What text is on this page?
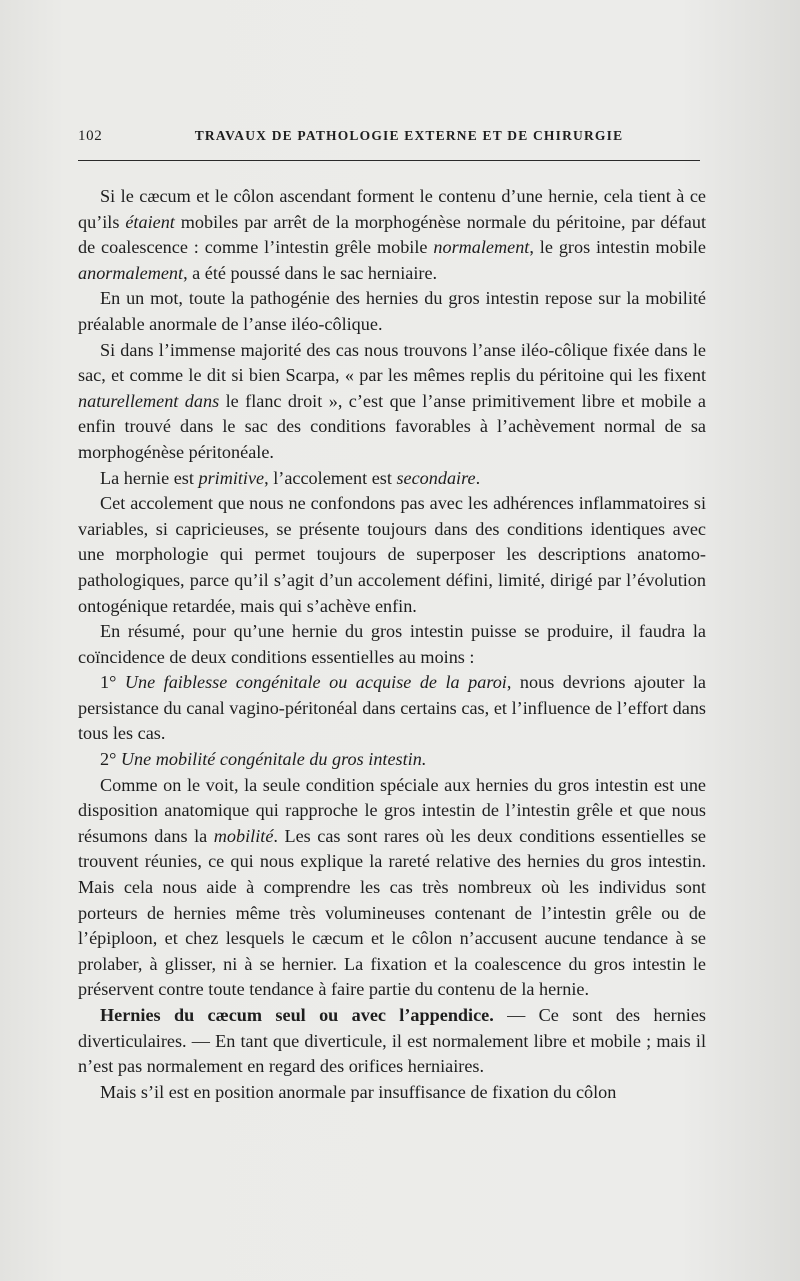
102	TRAVAUX DE PATHOLOGIE EXTERNE ET DE CHIRURGIE

Si le cæcum et le côlon ascendant forment le contenu d’une hernie, cela tient à ce qu’ils étaient mobiles par arrêt de la morphogénèse normale du péritoine, par défaut de coalescence : comme l’intestin grêle mobile normalement, le gros intestin mobile anormalement, a été poussé dans le sac herniaire.

En un mot, toute la pathogénie des hernies du gros intestin repose sur la mobilité préalable anormale de l’anse iléo-côlique.

Si dans l’immense majorité des cas nous trouvons l’anse iléo-côlique fixée dans le sac, et comme le dit si bien Scarpa, « par les mêmes replis du péritoine qui les fixent naturellement dans le flanc droit », c’est que l’anse primitivement libre et mobile a enfin trouvé dans le sac des conditions favorables à l’achèvement normal de sa morphogénèse péritonéale.

La hernie est primitive, l’accolement est secondaire.

Cet accolement que nous ne confondons pas avec les adhérences inflammatoires si variables, si capricieuses, se présente toujours dans des conditions identiques avec une morphologie qui permet toujours de superposer les descriptions anatomo-pathologiques, parce qu’il s’agit d’un accolement défini, limité, dirigé par l’évolution ontogénique retardée, mais qui s’achève enfin.

En résumé, pour qu’une hernie du gros intestin puisse se produire, il faudra la coïncidence de deux conditions essentielles au moins :

1° Une faiblesse congénitale ou acquise de la paroi, nous devrions ajouter la persistance du canal vagino-péritonéal dans certains cas, et l’influence de l’effort dans tous les cas.

2° Une mobilité congénitale du gros intestin.

Comme on le voit, la seule condition spéciale aux hernies du gros intestin est une disposition anatomique qui rapproche le gros intestin de l’intestin grêle et que nous résumons dans la mobilité. Les cas sont rares où les deux conditions essentielles se trouvent réunies, ce qui nous explique la rareté relative des hernies du gros intestin. Mais cela nous aide à comprendre les cas très nombreux où les individus sont porteurs de hernies même très volumineuses contenant de l’intestin grêle ou de l’épiploon, et chez lesquels le cæcum et le côlon n’accusent aucune tendance à se prolaber, à glisser, ni à se hernier. La fixation et la coalescence du gros intestin le préservent contre toute tendance à faire partie du contenu de la hernie.

Hernies du cæcum seul ou avec l’appendice. — Ce sont des hernies diverticulaires. — En tant que diverticule, il est normalement libre et mobile ; mais il n’est pas normalement en regard des orifices herniaires.

Mais s’il est en position anormale par insuffisance de fixation du côlon
